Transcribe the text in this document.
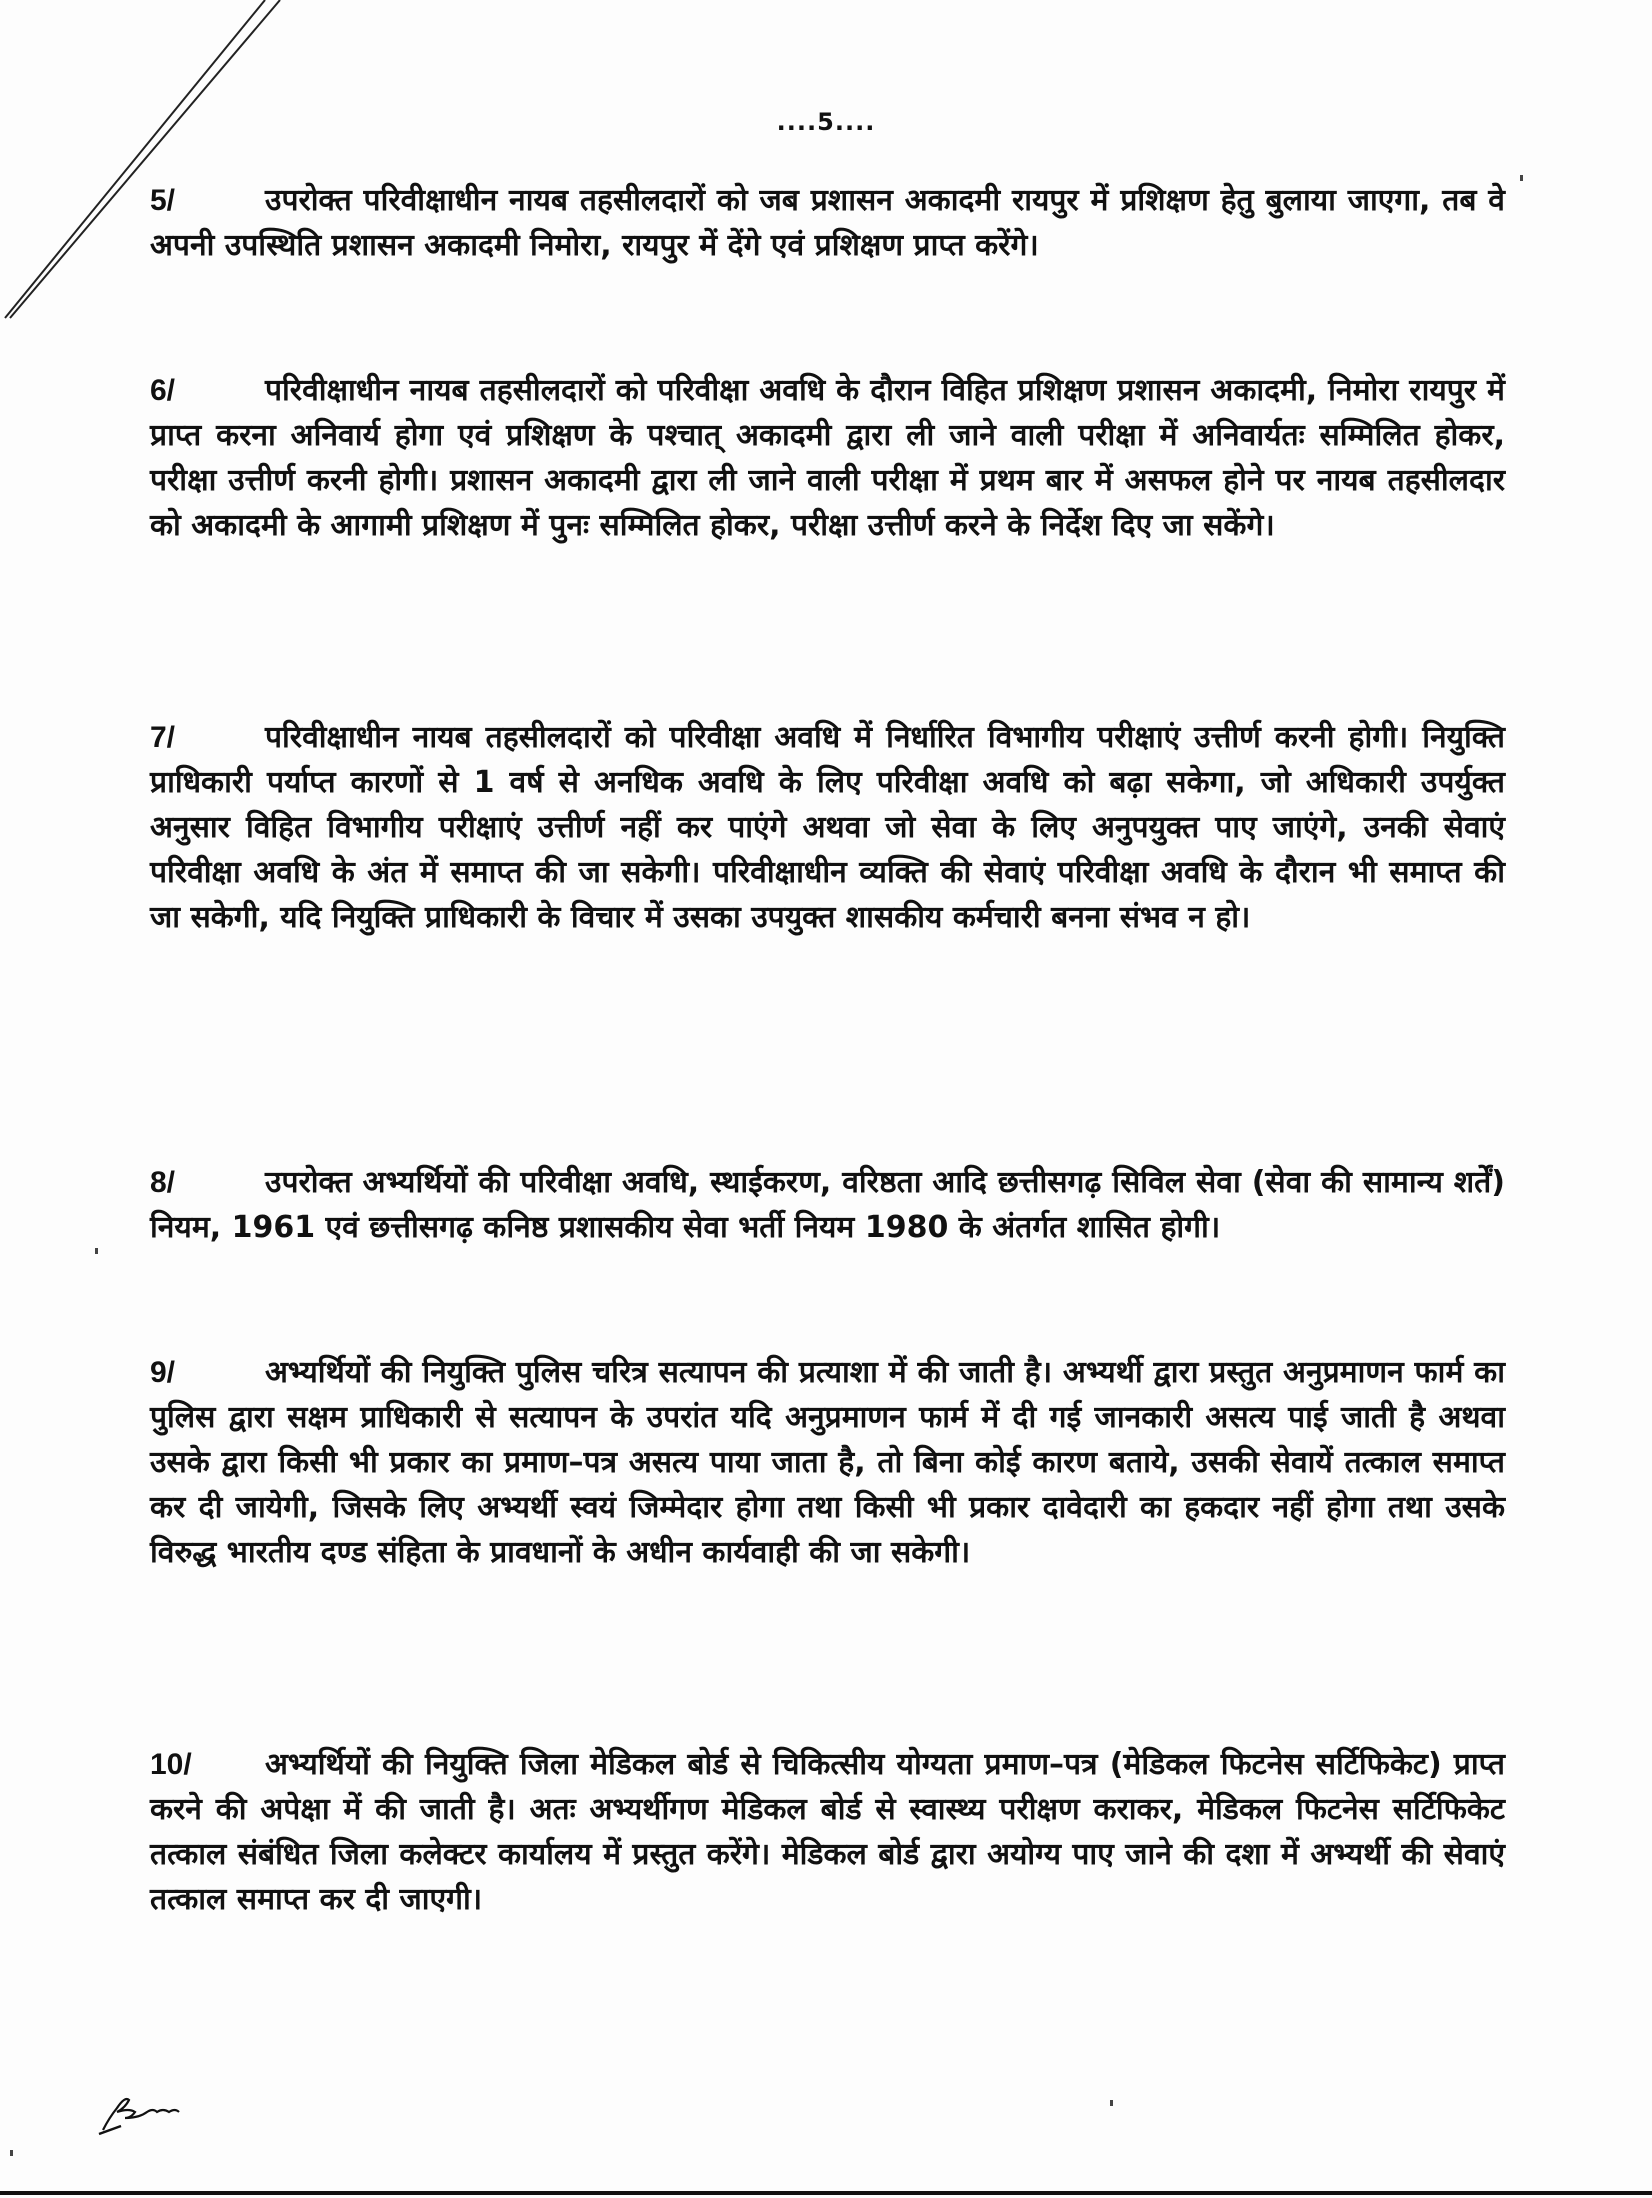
....5....
5/	उपरोक्त परिवीक्षाधीन नायब तहसीलदारों को जब प्रशासन अकादमी रायपुर में प्रशिक्षण हेतु बुलाया जाएगा, तब वे अपनी उपस्थिति प्रशासन अकादमी निमोरा, रायपुर में देंगे एवं प्रशिक्षण प्राप्त करेंगे।
6/	परिवीक्षाधीन नायब तहसीलदारों को परिवीक्षा अवधि के दौरान विहित प्रशिक्षण प्रशासन अकादमी, निमोरा रायपुर में प्राप्त करना अनिवार्य होगा एवं प्रशिक्षण के पश्चात् अकादमी द्वारा ली जाने वाली परीक्षा में अनिवार्यतः सम्मिलित होकर, परीक्षा उत्तीर्ण करनी होगी। प्रशासन अकादमी द्वारा ली जाने वाली परीक्षा में प्रथम बार में असफल होने पर नायब तहसीलदार को अकादमी के आगामी प्रशिक्षण में पुनः सम्मिलित होकर, परीक्षा उत्तीर्ण करने के निर्देश दिए जा सकेंगे।
7/	परिवीक्षाधीन नायब तहसीलदारों को परिवीक्षा अवधि में निर्धारित विभागीय परीक्षाएं उत्तीर्ण करनी होगी। नियुक्ति प्राधिकारी पर्याप्त कारणों से 1 वर्ष से अनधिक अवधि के लिए परिवीक्षा अवधि को बढ़ा सकेगा, जो अधिकारी उपर्युक्त अनुसार विहित विभागीय परीक्षाएं उत्तीर्ण नहीं कर पाएंगे अथवा जो सेवा के लिए अनुपयुक्त पाए जाएंगे, उनकी सेवाएं परिवीक्षा अवधि के अंत में समाप्त की जा सकेगी। परिवीक्षाधीन व्यक्ति की सेवाएं परिवीक्षा अवधि के दौरान भी समाप्त की जा सकेगी, यदि नियुक्ति प्राधिकारी के विचार में उसका उपयुक्त शासकीय कर्मचारी बनना संभव न हो।
8/	उपरोक्त अभ्यर्थियों की परिवीक्षा अवधि, स्थाईकरण, वरिष्ठता आदि छत्तीसगढ़ सिविल सेवा (सेवा की सामान्य शर्तें) नियम, 1961 एवं छत्तीसगढ़ कनिष्ठ प्रशासकीय सेवा भर्ती नियम 1980 के अंतर्गत शासित होगी।
9/	अभ्यर्थियों की नियुक्ति पुलिस चरित्र सत्यापन की प्रत्याशा में की जाती है। अभ्यर्थी द्वारा प्रस्तुत अनुप्रमाणन फार्म का पुलिस द्वारा सक्षम प्राधिकारी से सत्यापन के उपरांत यदि अनुप्रमाणन फार्म में दी गई जानकारी असत्य पाई जाती है अथवा उसके द्वारा किसी भी प्रकार का प्रमाण–पत्र असत्य पाया जाता है, तो बिना कोई कारण बताये, उसकी सेवायें तत्काल समाप्त कर दी जायेगी, जिसके लिए अभ्यर्थी स्वयं जिम्मेदार होगा तथा किसी भी प्रकार दावेदारी का हकदार नहीं होगा तथा उसके विरुद्ध भारतीय दण्ड संहिता के प्रावधानों के अधीन कार्यवाही की जा सकेगी।
10/ अभ्यर्थियों की नियुक्ति जिला मेडिकल बोर्ड से चिकित्सीय योग्यता प्रमाण–पत्र (मेडिकल फिटनेस सर्टिफिकेट) प्राप्त करने की अपेक्षा में की जाती है। अतः अभ्यर्थीगण मेडिकल बोर्ड से स्वास्थ्य परीक्षण कराकर, मेडिकल फिटनेस सर्टिफिकेट तत्काल संबंधित जिला कलेक्टर कार्यालय में प्रस्तुत करेंगे। मेडिकल बोर्ड द्वारा अयोग्य पाए जाने की दशा में अभ्यर्थी की सेवाएं तत्काल समाप्त कर दी जाएगी।
